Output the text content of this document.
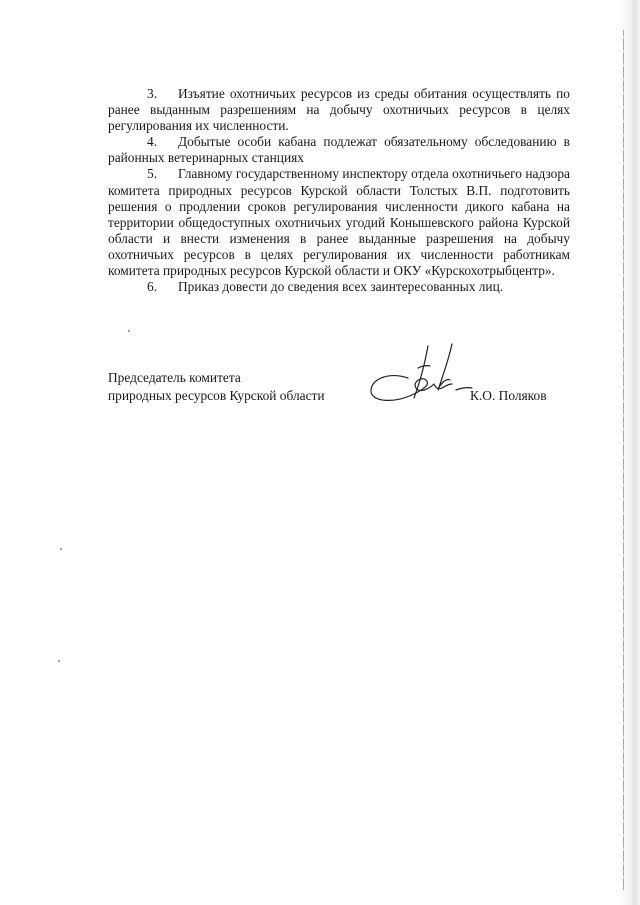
3. Изъятие охотничьих ресурсов из среды обитания осуществлять по ранее выданным разрешениям на добычу охотничьих ресурсов в целях регулирования их численности.

4. Добытые особи кабана подлежат обязательному обследованию в районных ветеринарных станциях

5. Главному государственному инспектору отдела охотничьего надзора комитета природных ресурсов Курской области Толстых В.П. подготовить решения о продлении сроков регулирования численности дикого кабана на территории общедоступных охотничьих угодий Конышевского района Курской области и внести изменения в ранее выданные разрешения на добычу охотничьих ресурсов в целях регулирования их численности работникам комитета природных ресурсов Курской области и ОКУ «Курскохотрыбцентр».

6. Приказ довести до сведения всех заинтересованных лиц.

Председатель комитета
природных ресурсов Курской области	К.О. Поляков
